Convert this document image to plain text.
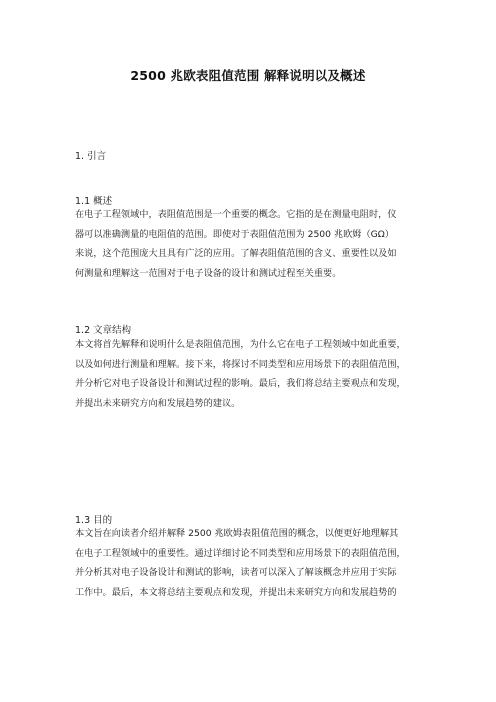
2500 兆欧表阻值范围 解释说明以及概述
1. 引言
1.1 概述
在电子工程领域中，表阻值范围是一个重要的概念。它指的是在测量电阻时，仪
器可以准确测量的电阻值的范围。即使对于表阻值范围为 2500 兆欧姆（GΩ）
来说，这个范围庞大且具有广泛的应用。了解表阻值范围的含义、重要性以及如
何测量和理解这一范围对于电子设备的设计和测试过程至关重要。
1.2 文章结构
本文将首先解释和说明什么是表阻值范围，为什么它在电子工程领域中如此重要，
以及如何进行测量和理解。接下来，将探讨不同类型和应用场景下的表阻值范围，
并分析它对电子设备设计和测试过程的影响。最后，我们将总结主要观点和发现，
并提出未来研究方向和发展趋势的建议。
1.3 目的
本文旨在向读者介绍并解释 2500 兆欧姆表阻值范围的概念，以便更好地理解其
在电子工程领域中的重要性。通过详细讨论不同类型和应用场景下的表阻值范围，
并分析其对电子设备设计和测试的影响，读者可以深入了解该概念并应用于实际
工作中。最后，本文将总结主要观点和发现，并提出未来研究方向和发展趋势的
